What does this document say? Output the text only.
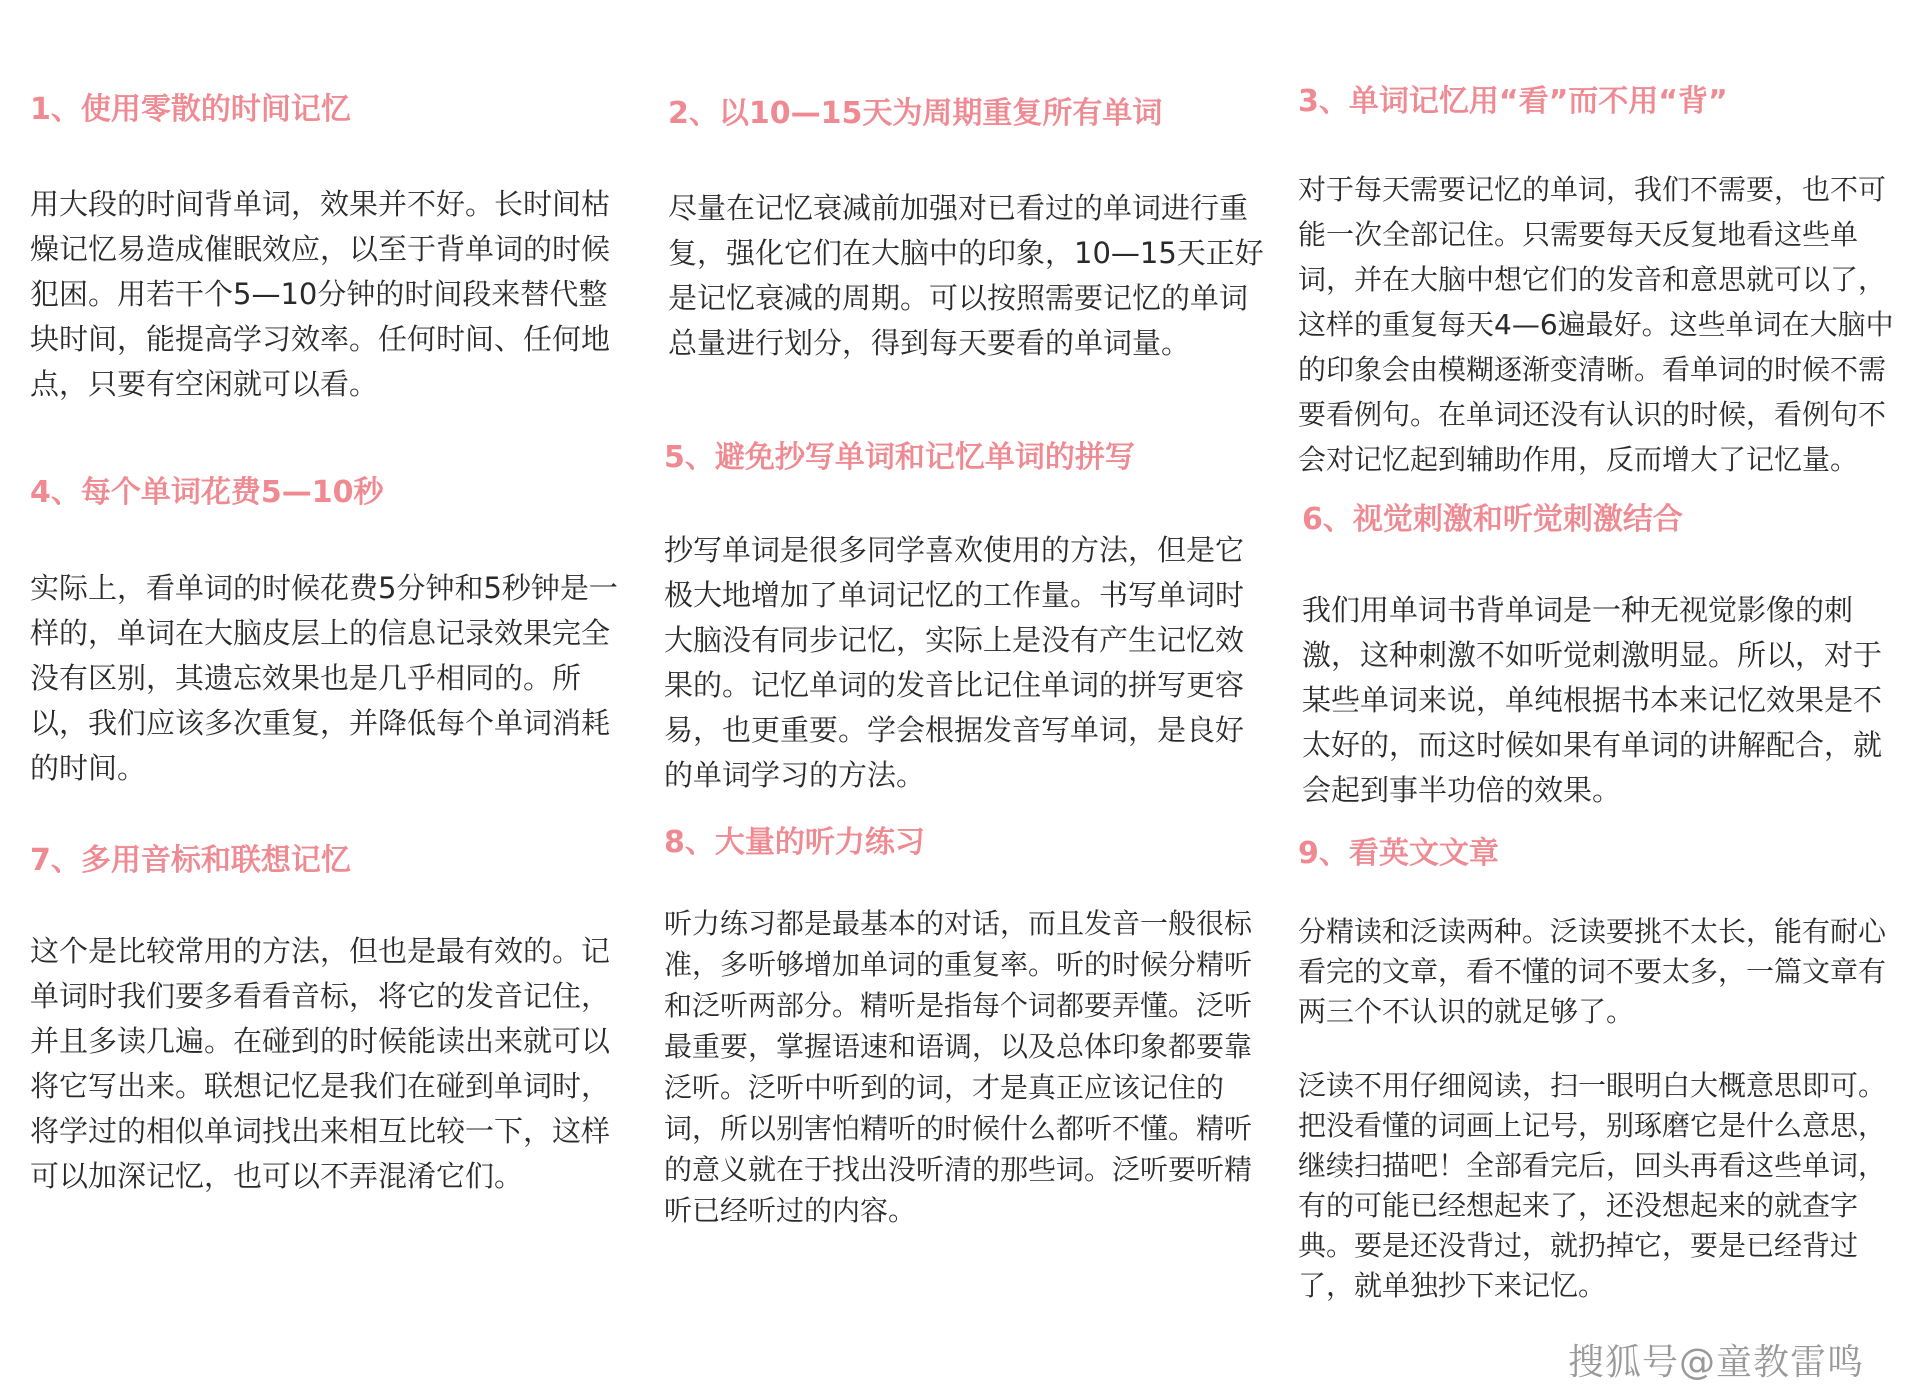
1、使用零散的时间记忆

用大段的时间背单词，效果并不好。长时间枯燥记忆易造成催眠效应，以至于背单词的时候犯困。用若干个5—10分钟的时间段来替代整块时间，能提高学习效率。任何时间、任何地点，只要有空闲就可以看。

4、每个单词花费5—10秒

实际上，看单词的时候花费5分钟和5秒钟是一样的，单词在大脑皮层上的信息记录效果完全没有区别，其遗忘效果也是几乎相同的。所以，我们应该多次重复，并降低每个单词消耗的时间。

7、多用音标和联想记忆

这个是比较常用的方法，但也是最有效的。记单词时我们要多看看音标，将它的发音记住，并且多读几遍。在碰到的时候能读出来就可以将它写出来。联想记忆是我们在碰到单词时，将学过的相似单词找出来相互比较一下，这样可以加深记忆，也可以不弄混淆它们。

2、以10—15天为周期重复所有单词

尽量在记忆衰减前加强对已看过的单词进行重复，强化它们在大脑中的印象，10—15天正好是记忆衰减的周期。可以按照需要记忆的单词总量进行划分，得到每天要看的单词量。

5、避免抄写单词和记忆单词的拼写

抄写单词是很多同学喜欢使用的方法，但是它极大地增加了单词记忆的工作量。书写单词时大脑没有同步记忆，实际上是没有产生记忆效果的。记忆单词的发音比记住单词的拼写更容易，也更重要。学会根据发音写单词，是良好的单词学习的方法。

8、大量的听力练习

听力练习都是最基本的对话，而且发音一般很标准，多听够增加单词的重复率。听的时候分精听和泛听两部分。精听是指每个词都要弄懂。泛听最重要，掌握语速和语调，以及总体印象都要靠泛听。泛听中听到的词，才是真正应该记住的词，所以别害怕精听的时候什么都听不懂。精听的意义就在于找出没听清的那些词。泛听要听精听已经听过的内容。

3、单词记忆用“看”而不用“背”

对于每天需要记忆的单词，我们不需要，也不可能一次全部记住。只需要每天反复地看这些单词，并在大脑中想它们的发音和意思就可以了，这样的重复每天4—6遍最好。这些单词在大脑中的印象会由模糊逐渐变清晰。看单词的时候不需要看例句。在单词还没有认识的时候，看例句不会对记忆起到辅助作用，反而增大了记忆量。

6、视觉刺激和听觉刺激结合

我们用单词书背单词是一种无视觉影像的刺激，这种刺激不如听觉刺激明显。所以，对于某些单词来说，单纯根据书本来记忆效果是不太好的，而这时候如果有单词的讲解配合，就会起到事半功倍的效果。

9、看英文文章

分精读和泛读两种。泛读要挑不太长，能有耐心看完的文章，看不懂的词不要太多，一篇文章有两三个不认识的就足够了。

泛读不用仔细阅读，扫一眼明白大概意思即可。把没看懂的词画上记号，别琢磨它是什么意思，继续扫描吧！全部看完后，回头再看这些单词，有的可能已经想起来了，还没想起来的就查字典。要是还没背过，就扔掉它，要是已经背过了，就单独抄下来记忆。

搜狐号@童教雷鸣
